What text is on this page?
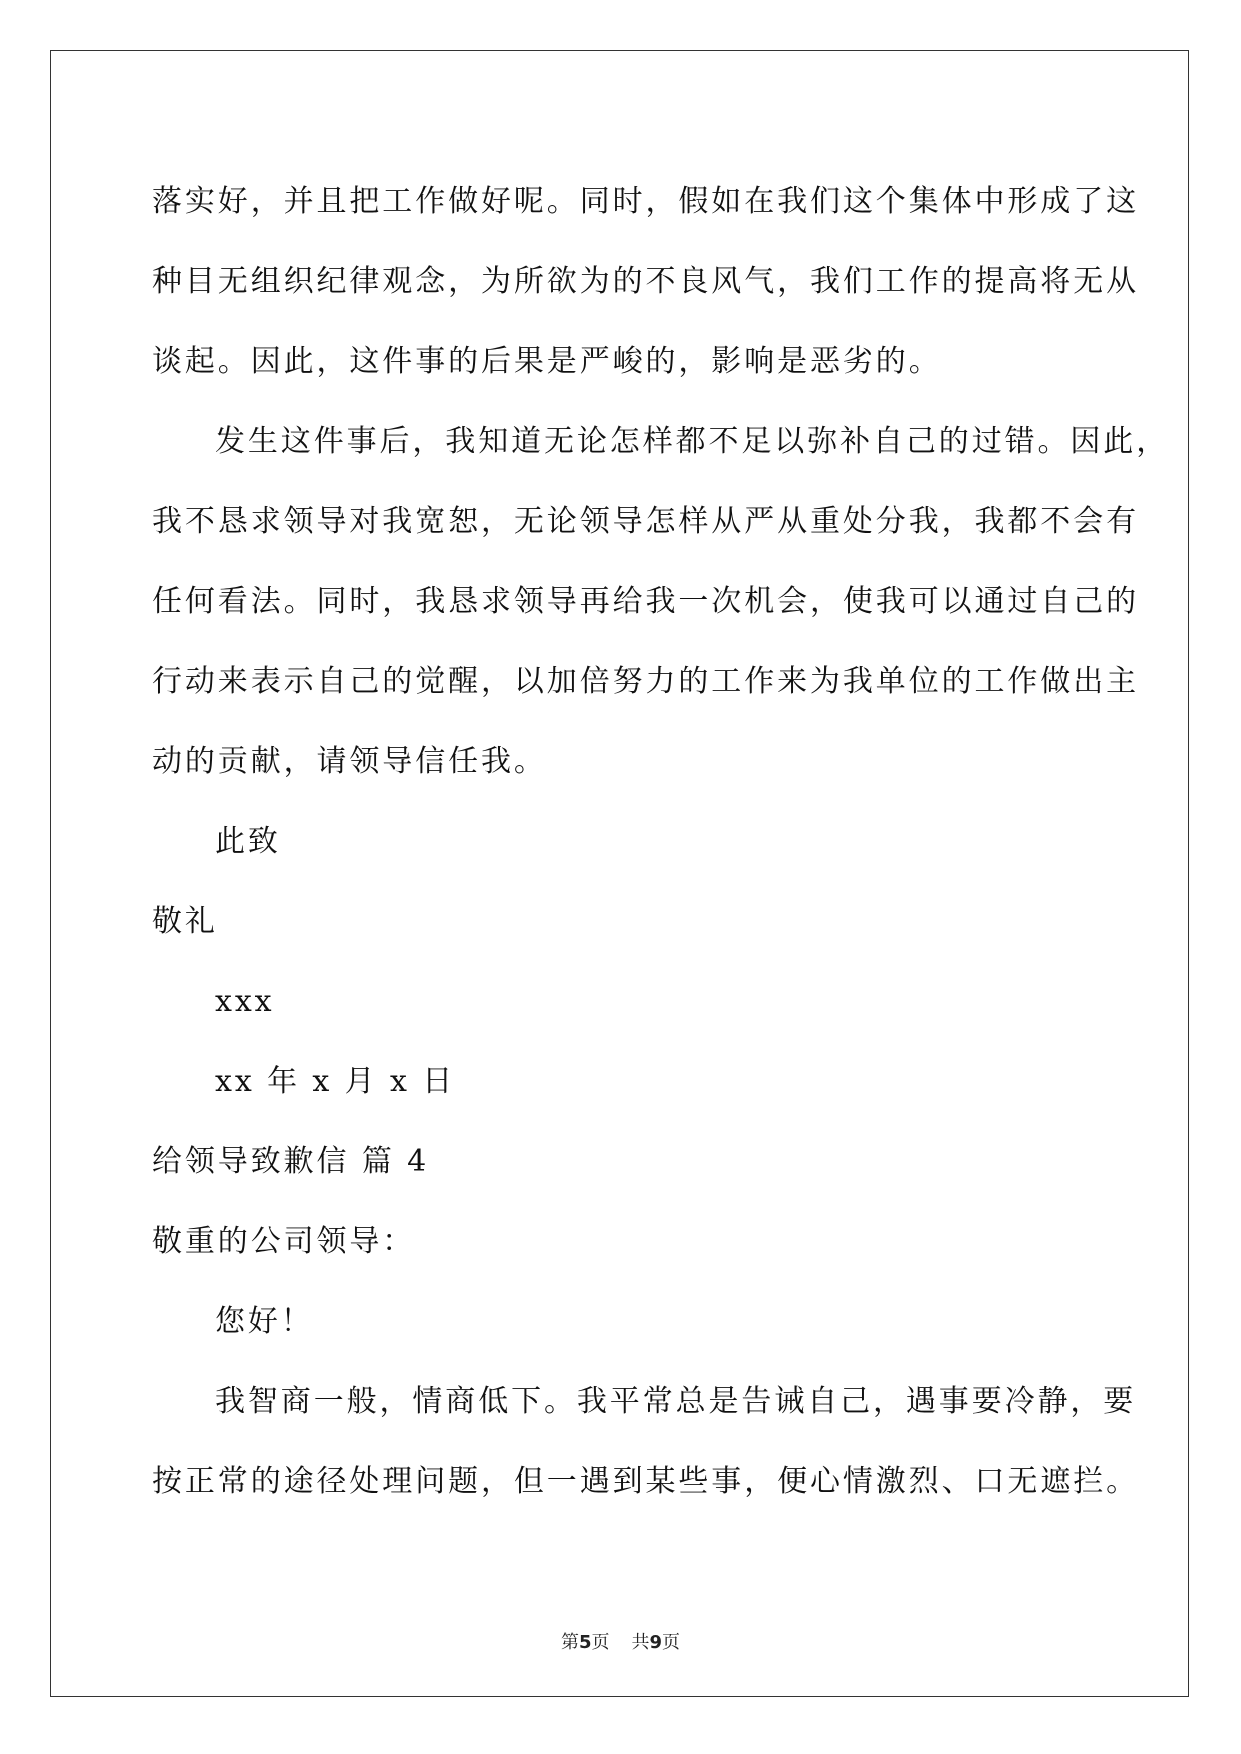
落实好，并且把工作做好呢。同时，假如在我们这个集体中形成了这
种目无组织纪律观念，为所欲为的不良风气，我们工作的提高将无从
谈起。因此，这件事的后果是严峻的，影响是恶劣的。
发生这件事后，我知道无论怎样都不足以弥补自己的过错。因此，
我不恳求领导对我宽恕，无论领导怎样从严从重处分我，我都不会有
任何看法。同时，我恳求领导再给我一次机会，使我可以通过自己的
行动来表示自己的觉醒，以加倍努力的工作来为我单位的工作做出主
动的贡献，请领导信任我。
此致
敬礼
xxx
xx 年 x 月 x 日
给领导致歉信 篇 4
敬重的公司领导：
您好！
我智商一般，情商低下。我平常总是告诫自己，遇事要冷静，要
按正常的途径处理问题，但一遇到某些事，便心情激烈、口无遮拦。
第5页 共9页
